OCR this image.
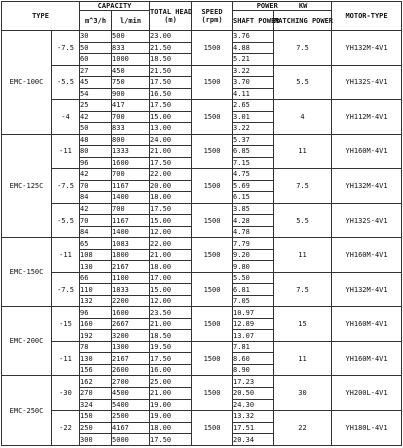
TYPE		CAPACITY		TOTAL HEAD
(m)	SPEED
(rpm)	POWER KW		MOTOR-TYPE
		m^3/h	l/min			SHAFT POWER	MATCHING POWER	

EMC-100C	-7.5	30	500	23.00	1500	3.76	7.5	YH132M-4V1
		50	833	21.50		4.88		
		60	1000	18.50		5.21		
	-5.5	27	450	21.50	1500	3.22	5.5	YH132S-4V1
		45	750	17.50		3.70		
		54	900	16.50		4.11		
	-4	25	417	17.50	1500	2.65	4	YH112M-4V1
		42	700	15.00		3.01		
		50	833	13.00		3.22		
EMC-125C	-11	48	800	24.00	1500	5.37	11	YH160M-4V1
		80	1333	21.00		6.85		
		96	1600	17.50		7.15		
	-7.5	42	700	22.00	1500	4.75	7.5	YH132M-4V1
		70	1167	20.00		5.69		
		84	1400	18.00		6.15		
	-5.5	42	700	17.50	1500	3.85	5.5	YH132S-4V1
		70	1167	15.00		4.28		
		84	1400	12.00		4.78		
EMC-150C	-11	65	1083	22.00	1500	7.79	11	YH160M-4V1
		108	1800	21.00		9.20		
		130	2167	18.00		9.80		
	-7.5	66	1100	17.00	1500	5.50	7.5	YH132M-4V1
		110	1833	15.00		6.81		
		132	2200	12.00		7.05		
EMC-200C	-15	96	1600	23.50	1500	10.97	15	YH160M-4V1
		160	2667	21.00		12.89		
		192	3200	18.50		13.07		
	-11	78	1300	19.50	1500	7.81	11	YH160M-4V1
		130	2167	17.50		8.60		
		156	2600	16.00		8.90		
EMC-250C	-30	162	2700	25.00	1500	17.23	30	YH200L-4V1
		270	4500	21.00		20.50		
		324	5400	19.00		24.30		
	-22	150	2500	19.00	1500	13.32	22	YH180L-4V1
		250	4167	18.00		17.51		
		300	5000	17.50		20.34		
